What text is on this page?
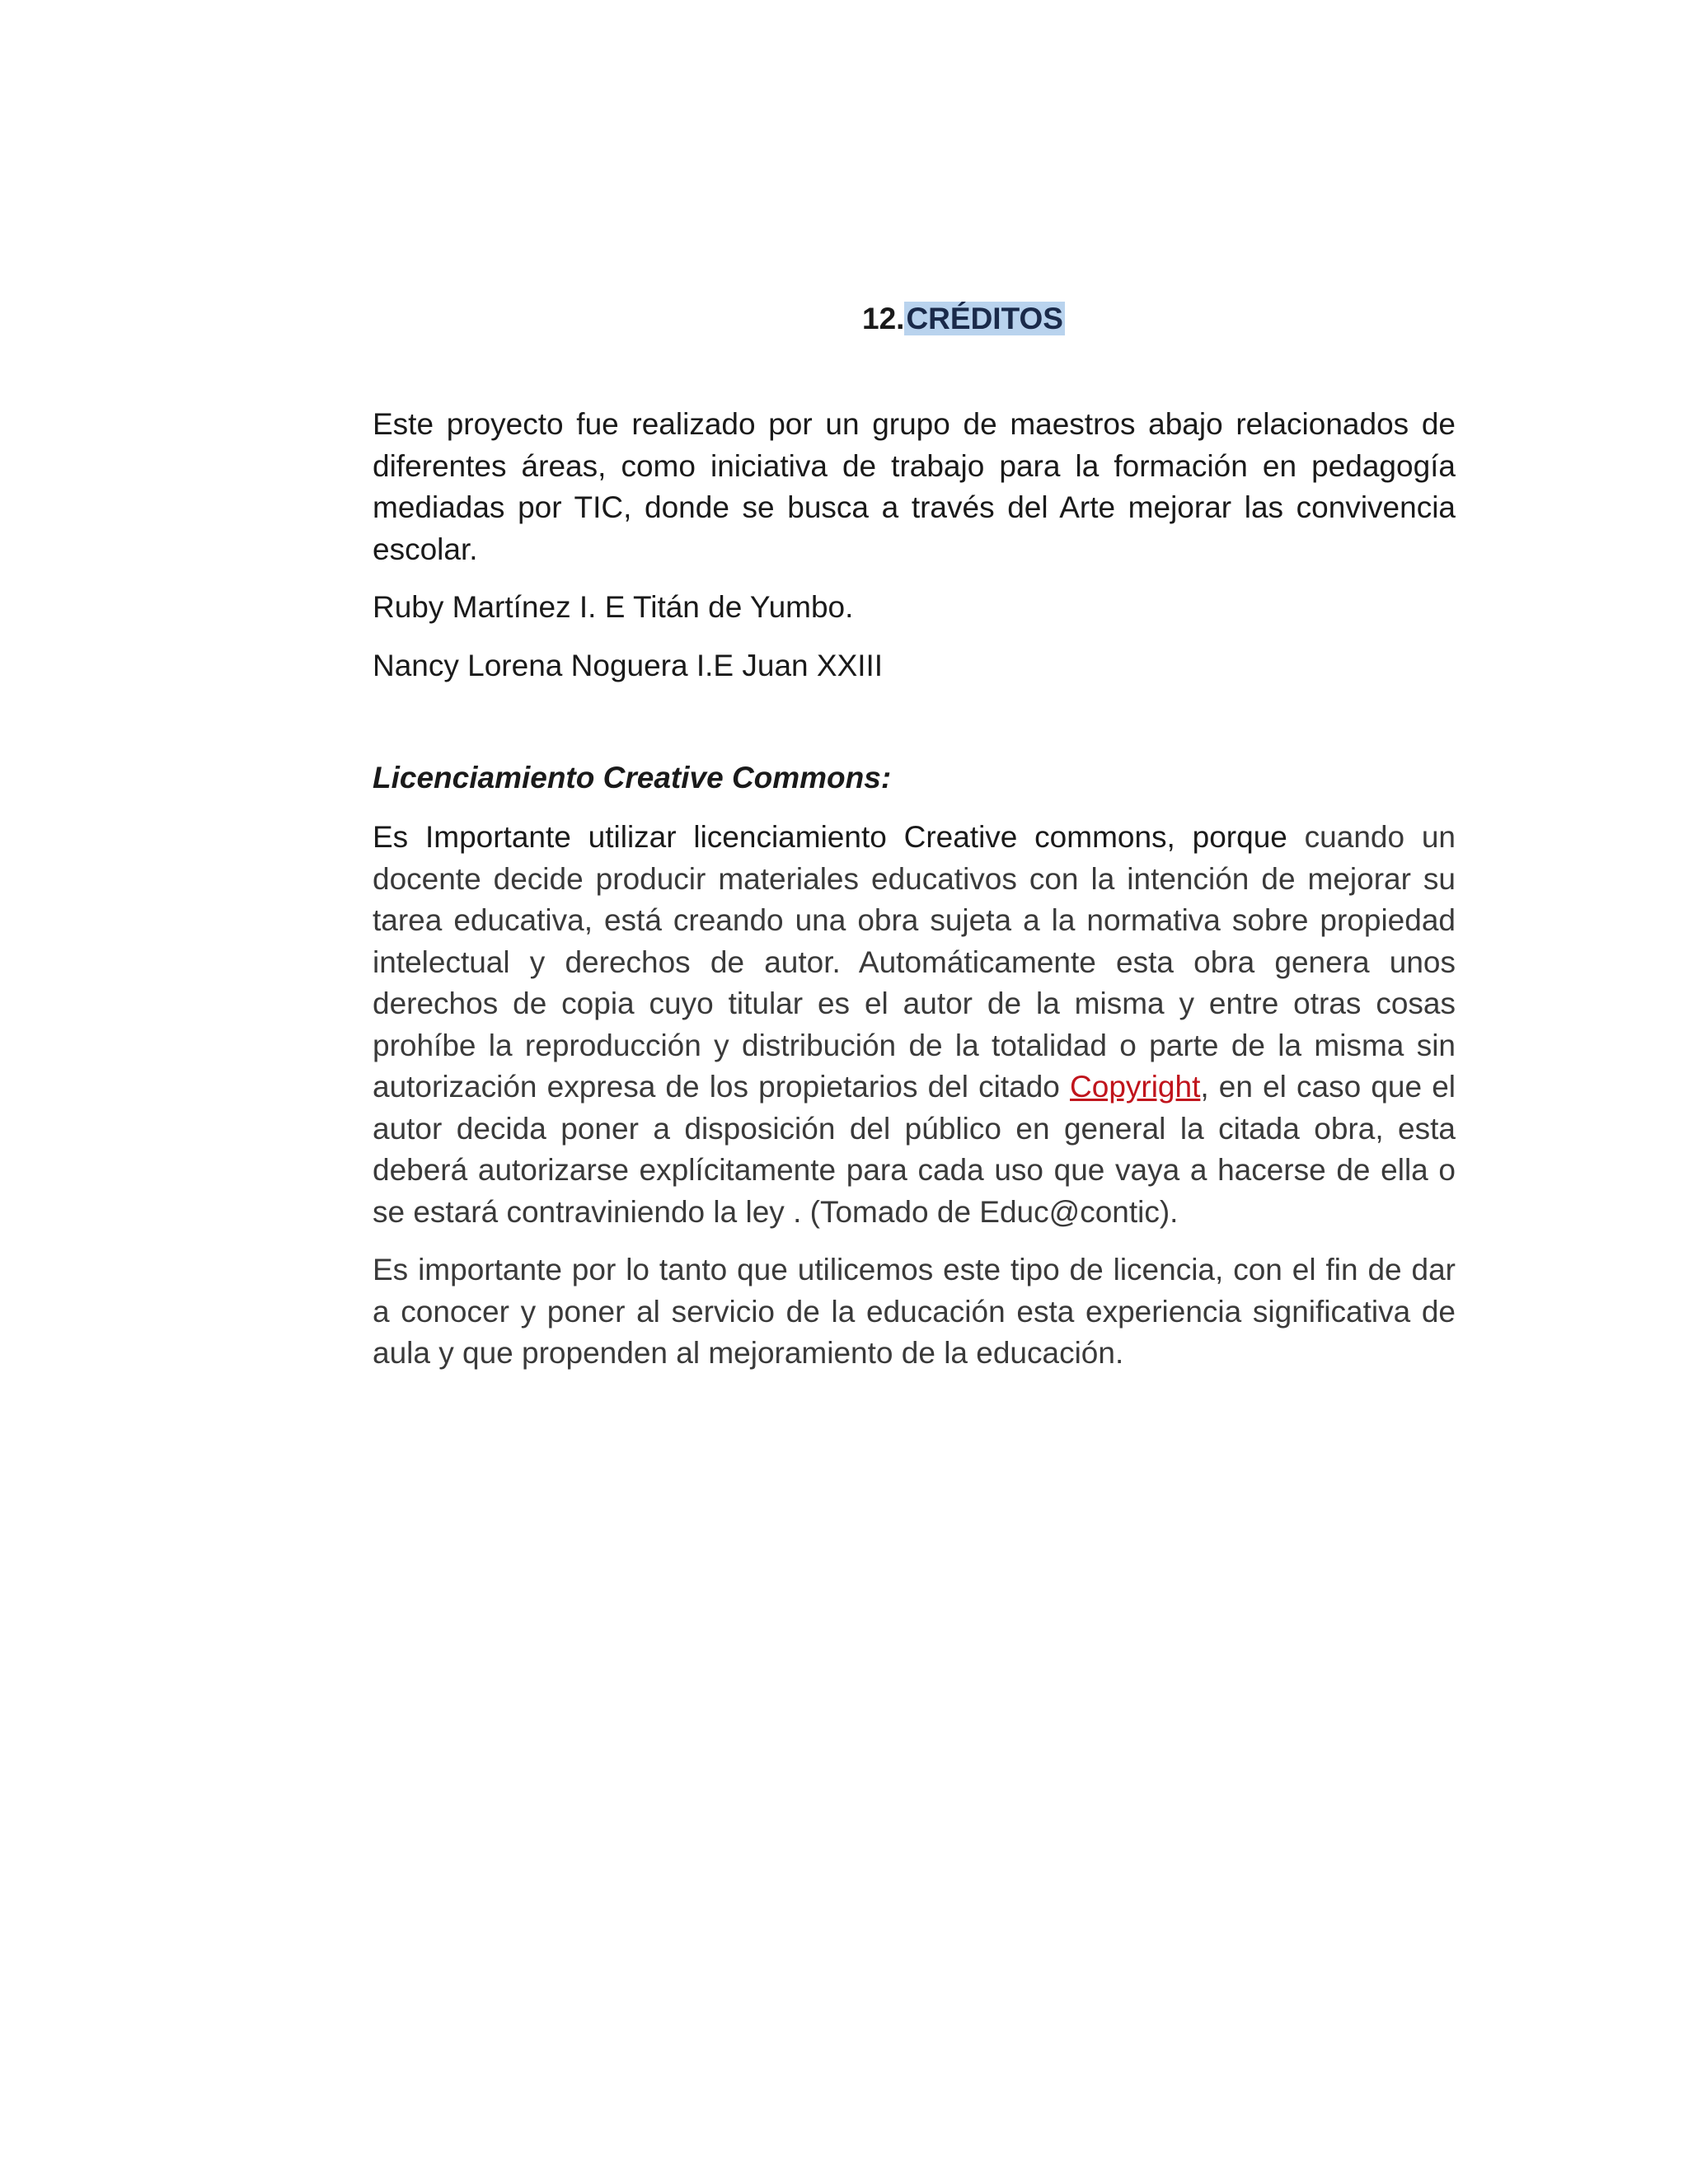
12.CRÉDITOS

Este proyecto fue realizado por un grupo de maestros abajo relacionados de diferentes áreas, como iniciativa de trabajo para la formación en pedagogía mediadas por TIC, donde se busca a través del Arte mejorar las convivencia escolar.

Ruby Martínez I. E Titán de Yumbo.

Nancy Lorena Noguera I.E Juan XXIII

Licenciamiento Creative Commons:

Es Importante utilizar licenciamiento Creative commons, porque cuando un docente decide producir materiales educativos con la intención de mejorar su tarea educativa, está creando una obra sujeta a la normativa sobre propiedad intelectual y derechos de autor. Automáticamente esta obra genera unos derechos de copia cuyo titular es el autor de la misma y entre otras cosas prohíbe la reproducción y distribución de la totalidad o parte de la misma sin autorización expresa de los propietarios del citado Copyright, en el caso que el autor decida poner a disposición del público en general la citada obra, esta deberá autorizarse explícitamente para cada uso que vaya a hacerse de ella o se estará contraviniendo la ley . (Tomado de Educ@contic).

Es importante por lo tanto que utilicemos este tipo de licencia, con el fin de dar a conocer y poner al servicio de la educación esta experiencia significativa de aula y que propenden al mejoramiento de la educación.
